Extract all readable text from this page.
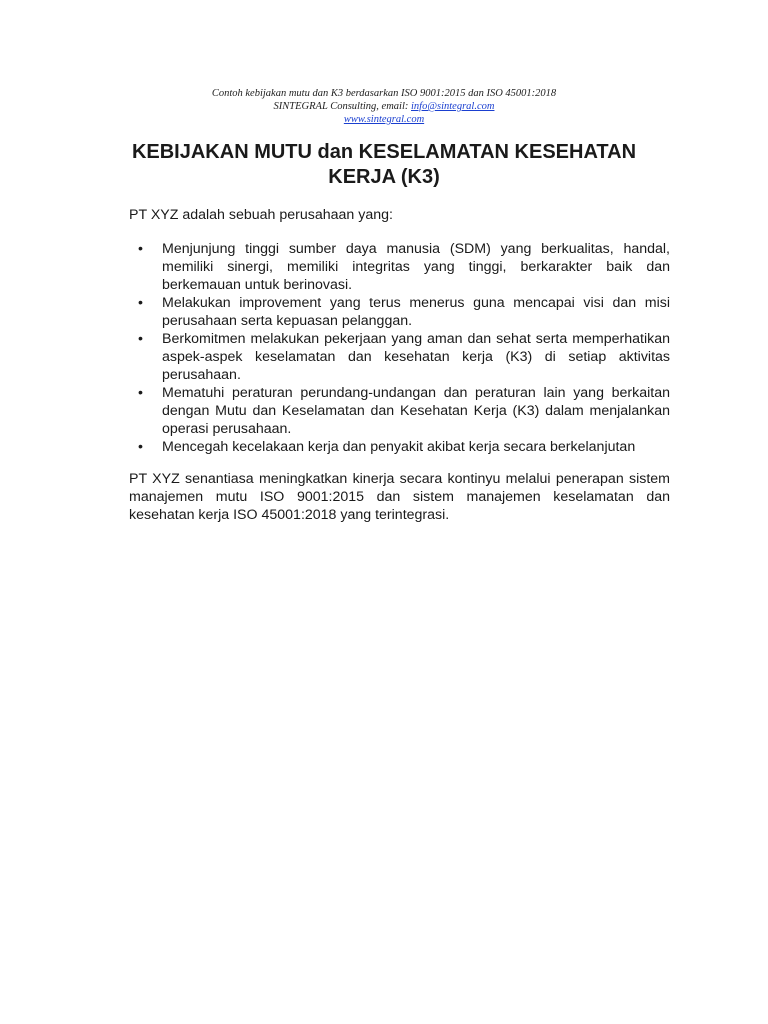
Contoh kebijakan mutu dan K3 berdasarkan ISO 9001:2015 dan ISO 45001:2018
SINTEGRAL Consulting, email: info@sintegral.com
www.sintegral.com
KEBIJAKAN MUTU dan KESELAMATAN KESEHATAN
KERJA (K3)

PT XYZ adalah sebuah perusahaan yang:

• Menjunjung tinggi sumber daya manusia (SDM) yang berkualitas, handal, memiliki sinergi, memiliki integritas yang tinggi, berkarakter baik dan berkemauan untuk berinovasi.
• Melakukan improvement yang terus menerus guna mencapai visi dan misi perusahaan serta kepuasan pelanggan.
• Berkomitmen melakukan pekerjaan yang aman dan sehat serta memperhatikan aspek-aspek keselamatan dan kesehatan kerja (K3) di setiap aktivitas perusahaan.
• Mematuhi peraturan perundang-undangan dan peraturan lain yang berkaitan dengan Mutu dan Keselamatan dan Kesehatan Kerja (K3) dalam menjalankan operasi perusahaan.
• Mencegah kecelakaan kerja dan penyakit akibat kerja secara berkelanjutan

PT XYZ senantiasa meningkatkan kinerja secara kontinyu melalui penerapan sistem manajemen mutu ISO 9001:2015 dan sistem manajemen keselamatan dan kesehatan kerja ISO 45001:2018 yang terintegrasi.
